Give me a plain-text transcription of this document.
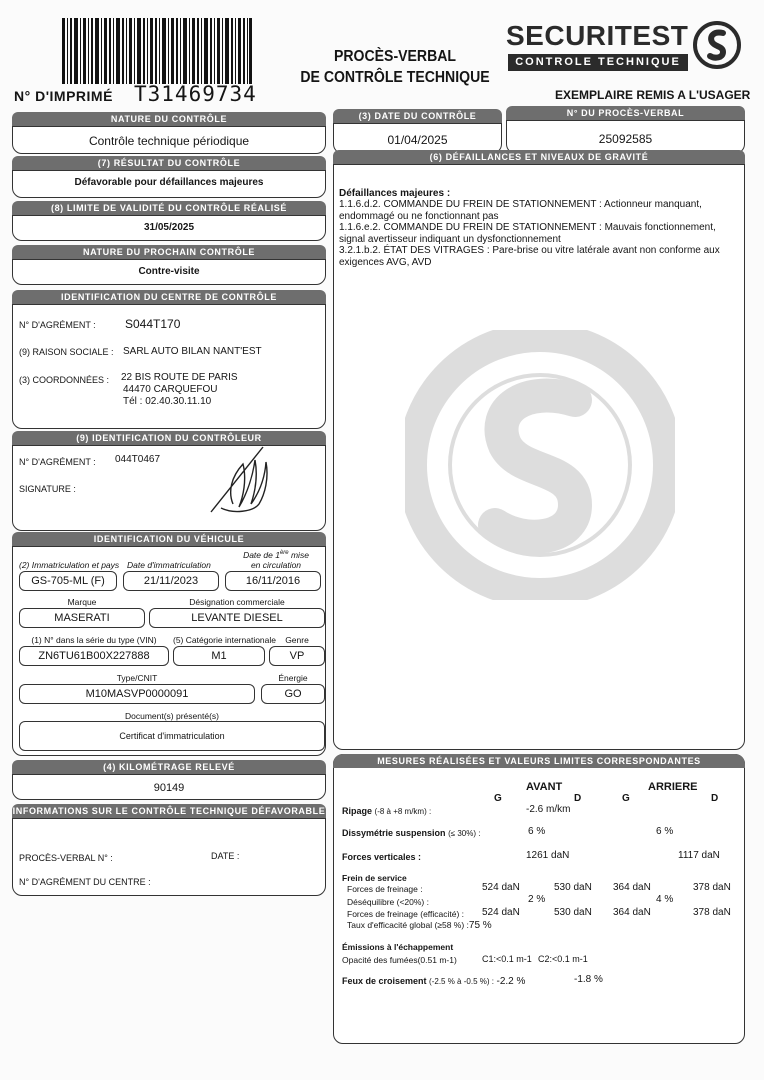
N° D'IMPRIMÉ T31469734
PROCÈS-VERBAL
DE CONTRÔLE TECHNIQUE
SECURITEST
CONTROLE TECHNIQUE
EXEMPLAIRE REMIS A L'USAGER
NATURE DU CONTRÔLE
Contrôle technique périodique
(3) DATE DU CONTRÔLE
01/04/2025
N° DU PROCÈS-VERBAL
25092585
(7) RÉSULTAT DU CONTRÔLE
Défavorable pour défaillances majeures
(8) LIMITE DE VALIDITÉ DU CONTRÔLE RÉALISÉ
31/05/2025
NATURE DU PROCHAIN CONTRÔLE
Contre-visite
(6) DÉFAILLANCES ET NIVEAUX DE GRAVITÉ
Défaillances majeures :
1.1.6.d.2. COMMANDE DU FREIN DE STATIONNEMENT : Actionneur manquant,
endommagé ou ne fonctionnant pas
1.1.6.e.2. COMMANDE DU FREIN DE STATIONNEMENT : Mauvais fonctionnement,
signal avertisseur indiquant un dysfonctionnement
3.2.1.b.2. ÉTAT DES VITRAGES : Pare-brise ou vitre latérale avant non conforme aux
exigences AVG, AVD
IDENTIFICATION DU CENTRE DE CONTRÔLE
N° D'AGRÉMENT : S044T170
(9) RAISON SOCIALE : SARL AUTO BILAN NANT'EST
(3) COORDONNÉES : 22 BIS ROUTE DE PARIS
44470 CARQUEFOU
Tél : 02.40.30.11.10
(9) IDENTIFICATION DU CONTRÔLEUR
N° D'AGRÉMENT : 044T0467
SIGNATURE :
IDENTIFICATION DU VÉHICULE
(2) Immatriculation et pays Date d'immatriculation
Date de 1ère mise
en circulation
GS-705-ML (F)	21/11/2023	16/11/2016
Marque	Désignation commerciale
MASERATI	LEVANTE DIESEL
(1) N° dans la série du type (VIN)	(5) Catégorie internationale	Genre
ZN6TU61B00X227888	M1	VP
Type/CNIT	Énergie
M10MASVP0000091	GO
Document(s) présenté(s)
Certificat d'immatriculation
(4) KILOMÉTRAGE RELEVÉ
90149
INFORMATIONS SUR LE CONTRÔLE TECHNIQUE DÉFAVORABLE
PROCÈS-VERBAL N° :	DATE :
N° D'AGRÉMENT DU CENTRE :
MESURES RÉALISÉES ET VALEURS LIMITES CORRESPONDANTES
AVANT	ARRIERE
G	D	G	D
Ripage (-8 à +8 m/km) :	-2.6 m/km
Dissymétrie suspension (≤ 30%) :	6 %	6 %
Forces verticales :	1261 daN	1117 daN
Frein de service
Forces de freinage :	524 daN	530 daN 364 daN	378 daN
Déséquilibre (<20%) :	2 %	4 %
Forces de freinage (efficacité) : 524 daN	530 daN 364 daN	378 daN
Taux d'efficacité global (≥58 %) :75 %
Émissions à l'échappement
Opacité des fumées(0.51 m-1)	C1:<0.1 m-1 C2:<0.1 m-1
Feux de croisement (-2.5 % à -0.5 %) : -2.2 %	-1.8 %
